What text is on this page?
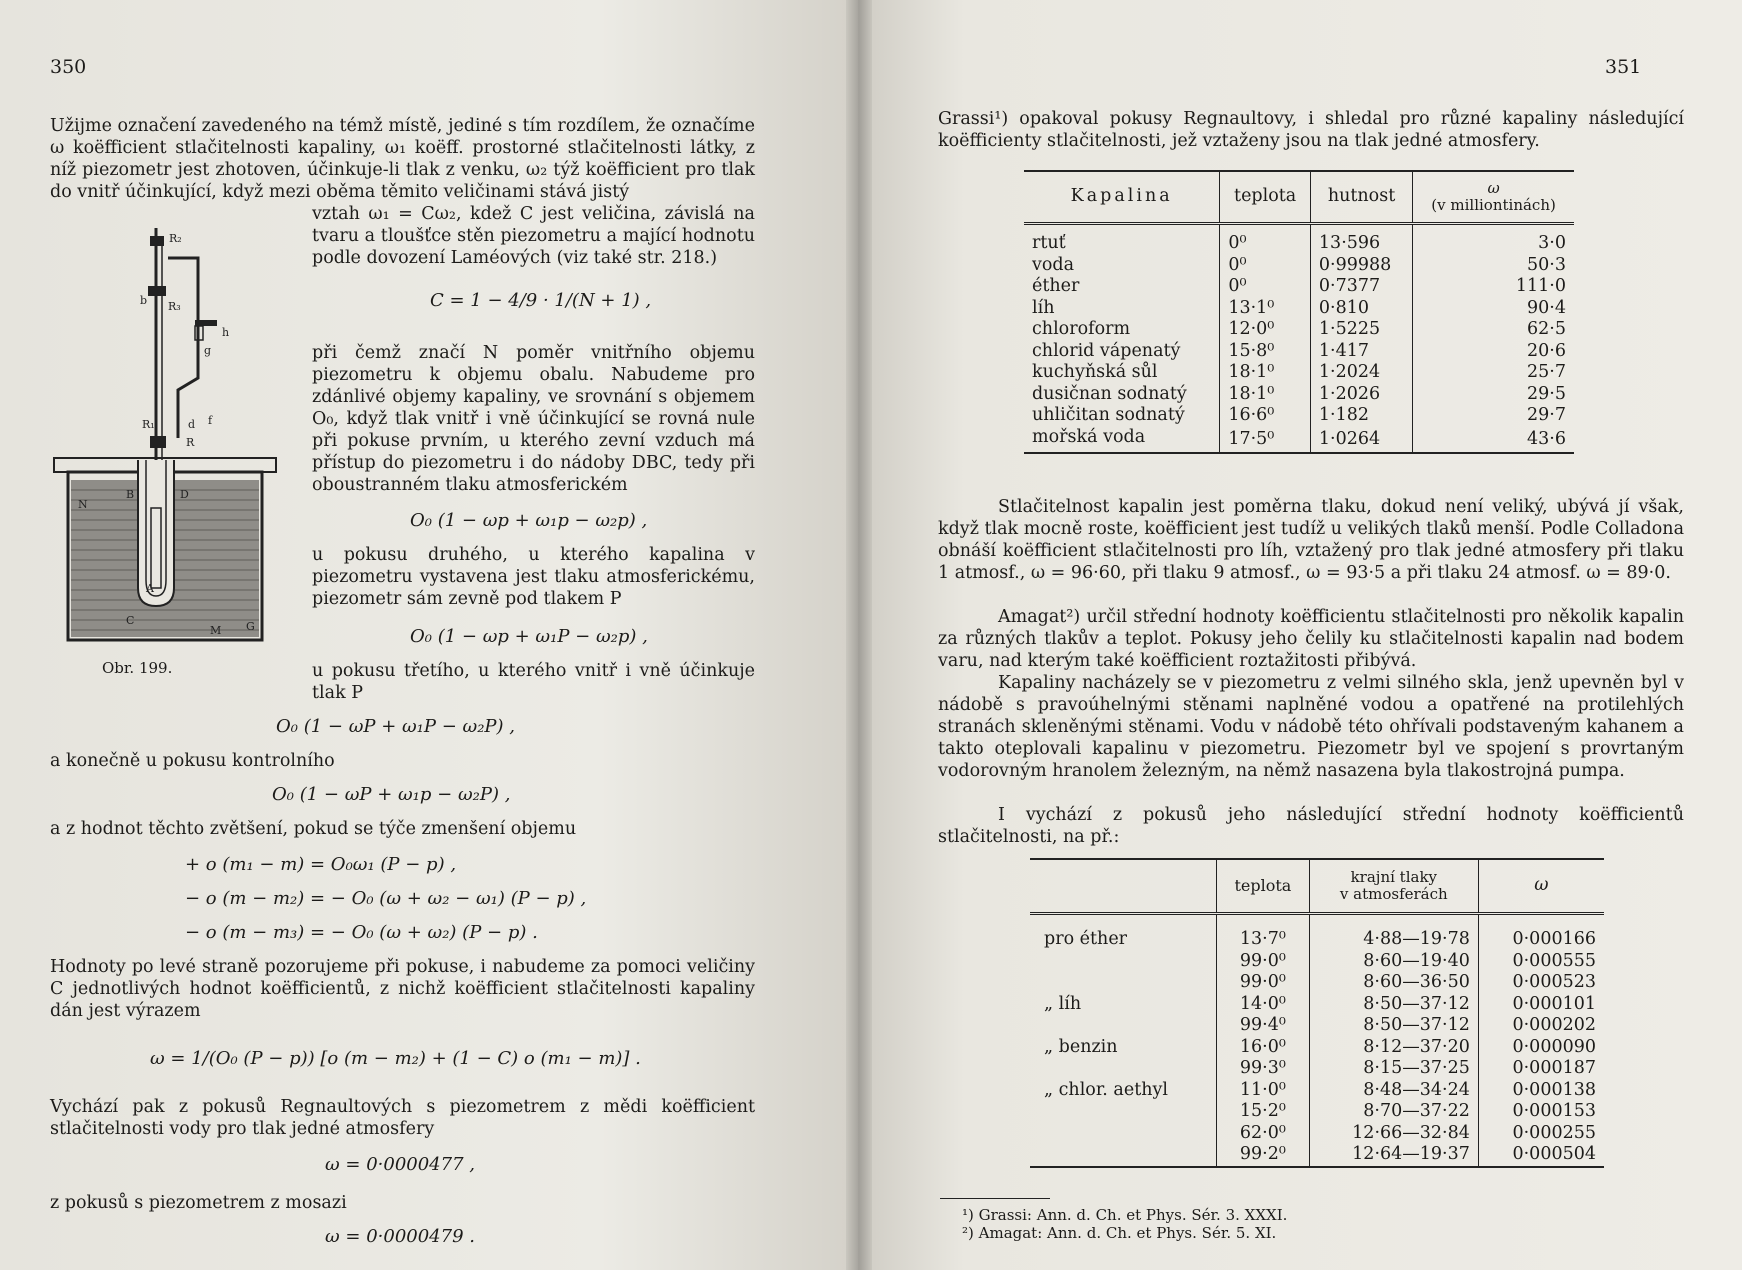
350
Užijme označení zavedeného na témž místě, jediné s tím rozdílem, že označíme ω koëfficient stlačitelnosti kapaliny, ω₁ koëff. prostorné stlačitelnosti látky, z níž piezometr jest zhotoven, účinkuje-li tlak z venku, ω₂ týž koëfficient pro tlak do vnitř účinkující, když mezi oběma těmito veličinami stává jistý
vztah ω₁ = Cω₂, kdež C jest veličina, závislá na tvaru a tloušťce stěn piezometru a mající hodnotu podle dovození Laméových (viz také str. 218.)
C = 1 − 4/9 · 1/(N + 1) ,
při čemž značí N poměr vnitřního objemu piezometru k objemu obalu. Nabudeme pro zdánlivé objemy kapaliny, ve srovnání s objemem O₀, když tlak vnitř i vně účinkující se rovná nule při pokuse prvním, u kterého zevní vzduch má přístup do piezometru i do nádoby DBC, tedy při oboustranném tlaku atmosferickém
O₀ (1 − ωp + ω₁p − ω₂p) ,
u pokusu druhého, u kterého kapalina v piezometru vystavena jest tlaku atmosferickému, piezometr sám zevně pod tlakem P
O₀ (1 − ωp + ω₁P − ω₂p) ,
u pokusu třetího, u kterého vnitř i vně účinkuje tlak P
O₀ (1 − ωP + ω₁P − ω₂P) ,
a konečně u pokusu kontrolního
O₀ (1 − ωP + ω₁p − ω₂P) ,
a z hodnot těchto zvětšení, pokud se týče zmenšení objemu
+ o (m₁ − m) = O₀ω₁ (P − p) ,
− o (m − m₂) = − O₀ (ω + ω₂ − ω₁) (P − p) ,
− o (m − m₃) = − O₀ (ω + ω₂) (P − p) .
Hodnoty po levé straně pozorujeme při pokuse, i nabudeme za pomoci veličiny C jednotlivých hodnot koëfficientů, z nichž koëfficient stlačitelnosti kapaliny dán jest výrazem
ω = 1/(O₀ (P − p)) [o (m − m₂) + (1 − C) o (m₁ − m)] .
Vychází pak z pokusů Regnaultových s piezometrem z mědi koëfficient stlačitelnosti vody pro tlak jedné atmosfery
ω = 0·0000477 ,
z pokusů s piezometrem z mosazi
ω = 0·0000479 .
R₂
b R₃
g
h
R₁	d f
R
B	D
N
A
C
M G
Obr. 199.
351
Grassi¹) opakoval pokusy Regnaultovy, i shledal pro různé kapaliny následující koëfficienty stlačitelnosti, jež vztaženy jsou na tlak jedné atmosfery.
Kapalina	teplota	hutnost	ω
(v milliontinách)

rtuť	0⁰	13·596	3·0
voda	0⁰	0·99988	50·3
éther	0⁰	0·7377	111·0
líh	13·1⁰	0·810	90·4
chloroform	12·0⁰	1·5225	62·5
chlorid vápenatý	15·8⁰	1·417	20·6
kuchyňská sůl	18·1⁰	1·2024	25·7
dusičnan sodnatý	18·1⁰	1·2026	29·5
uhličitan sodnatý	16·6⁰	1·182	29·7
mořská voda	17·5⁰	1·0264	43·6
Stlačitelnost kapalin jest poměrna tlaku, dokud není veliký, ubývá jí však, když tlak mocně roste, koëfficient jest tudíž u velikých tlaků menší. Podle Colladona obnáší koëfficient stlačitelnosti pro líh, vztažený pro tlak jedné atmosfery při tlaku 1 atmosf., ω = 96·60, při tlaku 9 atmosf., ω = 93·5 a při tlaku 24 atmosf. ω = 89·0.
Amagat²) určil střední hodnoty koëfficientu stlačitelnosti pro několik kapalin za různých tlakův a teplot. Pokusy jeho čelily ku stlačitelnosti kapalin nad bodem varu, nad kterým také koëfficient roztažitosti přibývá.
Kapaliny nacházely se v piezometru z velmi silného skla, jenž upevněn byl v nádobě s pravoúhelnými stěnami naplněné vodou a opatřené na protilehlých stranách skleněnými stěnami. Vodu v nádobě této ohřívali podstaveným kahanem a takto oteplovali kapalinu v piezometru. Piezometr byl ve spojení s provrtaným vodorovným hranolem železným, na němž nasazena byla tlakostrojná pumpa.
I vychází z pokusů jeho následující střední hodnoty koëfficientů stlačitelnosti, na př.:
	teplota	krajní tlaky
v atmosferách	ω

pro éther	13·7⁰	4·88—19·78	0·000166
	99·0⁰	8·60—19·40	0·000555
	99·0⁰	8·60—36·50	0·000523
„ líh	14·0⁰	8·50—37·12	0·000101
	99·4⁰	8·50—37·12	0·000202
„ benzin	16·0⁰	8·12—37·20	0·000090
	99·3⁰	8·15—37·25	0·000187
„ chlor. aethyl	11·0⁰	8·48—34·24	0·000138
	15·2⁰	8·70—37·22	0·000153
	62·0⁰	12·66—32·84	0·000255
	99·2⁰	12·64—19·37	0·000504
¹) Grassi: Ann. d. Ch. et Phys. Sér. 3. XXXI.
²) Amagat: Ann. d. Ch. et Phys. Sér. 5. XI.
